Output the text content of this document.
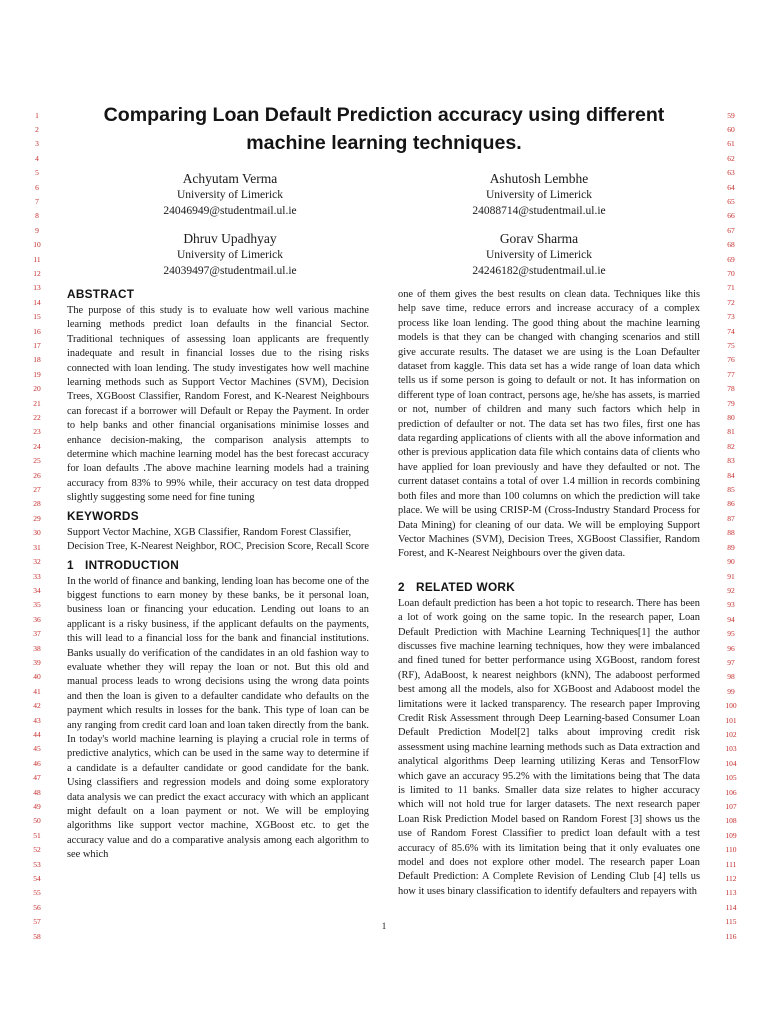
1
2
3
4
5
6
7
8
9
10
11
12
13
14
15
16
17
18
19
20
21
22
23
24
25
26
27
28
29
30
31
32
33
34
35
36
37
38
39
40
41
42
43
44
45
46
47
48
49
50
51
52
53
54
55
56
57
58
59
60
61
62
63
64
65
66
67
68
69
70
71
72
73
74
75
76
77
78
79
80
81
82
83
84
85
86
87
88
89
90
91
92
93
94
95
96
97
98
99
100
101
102
103
104
105
106
107
108
109
110
111
112
113
114
115
116
Comparing Loan Default Prediction accuracy using different machine learning techniques.
Achyutam Verma
University of Limerick
24046949@studentmail.ul.ie
Ashutosh Lembhe
University of Limerick
24088714@studentmail.ul.ie
Dhruv Upadhyay
University of Limerick
24039497@studentmail.ul.ie
Gorav Sharma
University of Limerick
24246182@studentmail.ul.ie
ABSTRACT

The purpose of this study is to evaluate how well various machine learning methods predict loan defaults in the financial Sector. Traditional techniques of assessing loan applicants are frequently inadequate and result in financial losses due to the rising risks connected with loan lending. The study investigates how well machine learning methods such as Support Vector Machines (SVM), Decision Trees, XGBoost Classifier, Random Forest, and K-Nearest Neighbours can forecast if a borrower will Default or Repay the Payment. In order to help banks and other financial organisations minimise losses and enhance decision-making, the comparison analysis attempts to determine which machine learning model has the best forecast accuracy for loan defaults .The above machine learning models had a training accuracy from 83% to 99% while, their accuracy on test data dropped slightly suggesting some need for fine tuning

KEYWORDS

Support Vector Machine, XGB Classifier, Random Forest Classifier, Decision Tree, K-Nearest Neighbor, ROC, Precision Score, Recall Score

1 INTRODUCTION

In the world of finance and banking, lending loan has become one of the biggest functions to earn money by these banks, be it personal loan, business loan or financing your education. Lending out loans to an applicant is a risky business, if the applicant defaults on the payments, this will lead to a financial loss for the bank and financial institutions. Banks usually do verification of the candidates in an old fashion way to evaluate whether they will repay the loan or not. But this old and manual process leads to wrong decisions using the wrong data points and then the loan is given to a defaulter candidate who defaults on the payment which results in losses for the bank. This type of loan can be any ranging from credit card loan and loan taken directly from the bank. In today's world machine learning is playing a crucial role in terms of predictive analytics, which can be used in the same way to determine if a candidate is a defaulter candidate or good candidate for the bank. Using classifiers and regression models and doing some exploratory data analysis we can predict the exact accuracy with which an applicant might default on a loan payment or not. We will be employing algorithms like support vector machine, XGBoost etc. to get the accuracy value and do a comparative analysis among each algorithm to see which

one of them gives the best results on clean data. Techniques like this help save time, reduce errors and increase accuracy of a complex process like loan lending. The good thing about the machine learning models is that they can be changed with changing scenarios and still give accurate results. The dataset we are using is the Loan Defaulter dataset from kaggle. This data set has a wide range of loan data which tells us if some person is going to default or not. It has information on different type of loan contract, persons age, he/she has assets, is married or not, number of children and many such factors which help in prediction of defaulter or not. The data set has two files, first one has data regarding applications of clients with all the above information and other is previous application data file which contains data of clients who have applied for loan previously and have they defaulted or not. The current dataset contains a total of over 1.4 million in records combining both files and more than 100 columns on which the prediction will take place. We will be using CRISP-M (Cross-Industry Standard Process for Data Mining) for cleaning of our data. We will be employing Support Vector Machines (SVM), Decision Trees, XGBoost Classifier, Random Forest, and K-Nearest Neighbours over the given data.

2 RELATED WORK

Loan default prediction has been a hot topic to research. There has been a lot of work going on the same topic. In the research paper, Loan Default Prediction with Machine Learning Techniques[1] the author discusses five machine learning techniques, how they were imbalanced and fined tuned for better performance using XGBoost, random forest (RF), AdaBoost, k nearest neighbors (kNN), The adaboost performed best among all the models, also for XGBoost and Adaboost model the limitations were it lacked transparency. The research paper Improving Credit Risk Assessment through Deep Learning-based Consumer Loan Default Prediction Model[2] talks about improving credit risk assessment using machine learning methods such as Data extraction and analytical algorithms Deep learning utilizing Keras and TensorFlow which gave an accuracy 95.2% with the limitations being that The data is limited to 11 banks. Smaller data size relates to higher accuracy which will not hold true for larger datasets. The next research paper Loan Risk Prediction Model based on Random Forest [3] shows us the use of Random Forest Classifier to predict loan default with a test accuracy of 85.6% with its limitation being that it only evaluates one model and does not explore other model. The research paper Loan Default Prediction: A Complete Revision of Lending Club [4] tells us how it uses binary classification to identify defaulters and repayers with

1
